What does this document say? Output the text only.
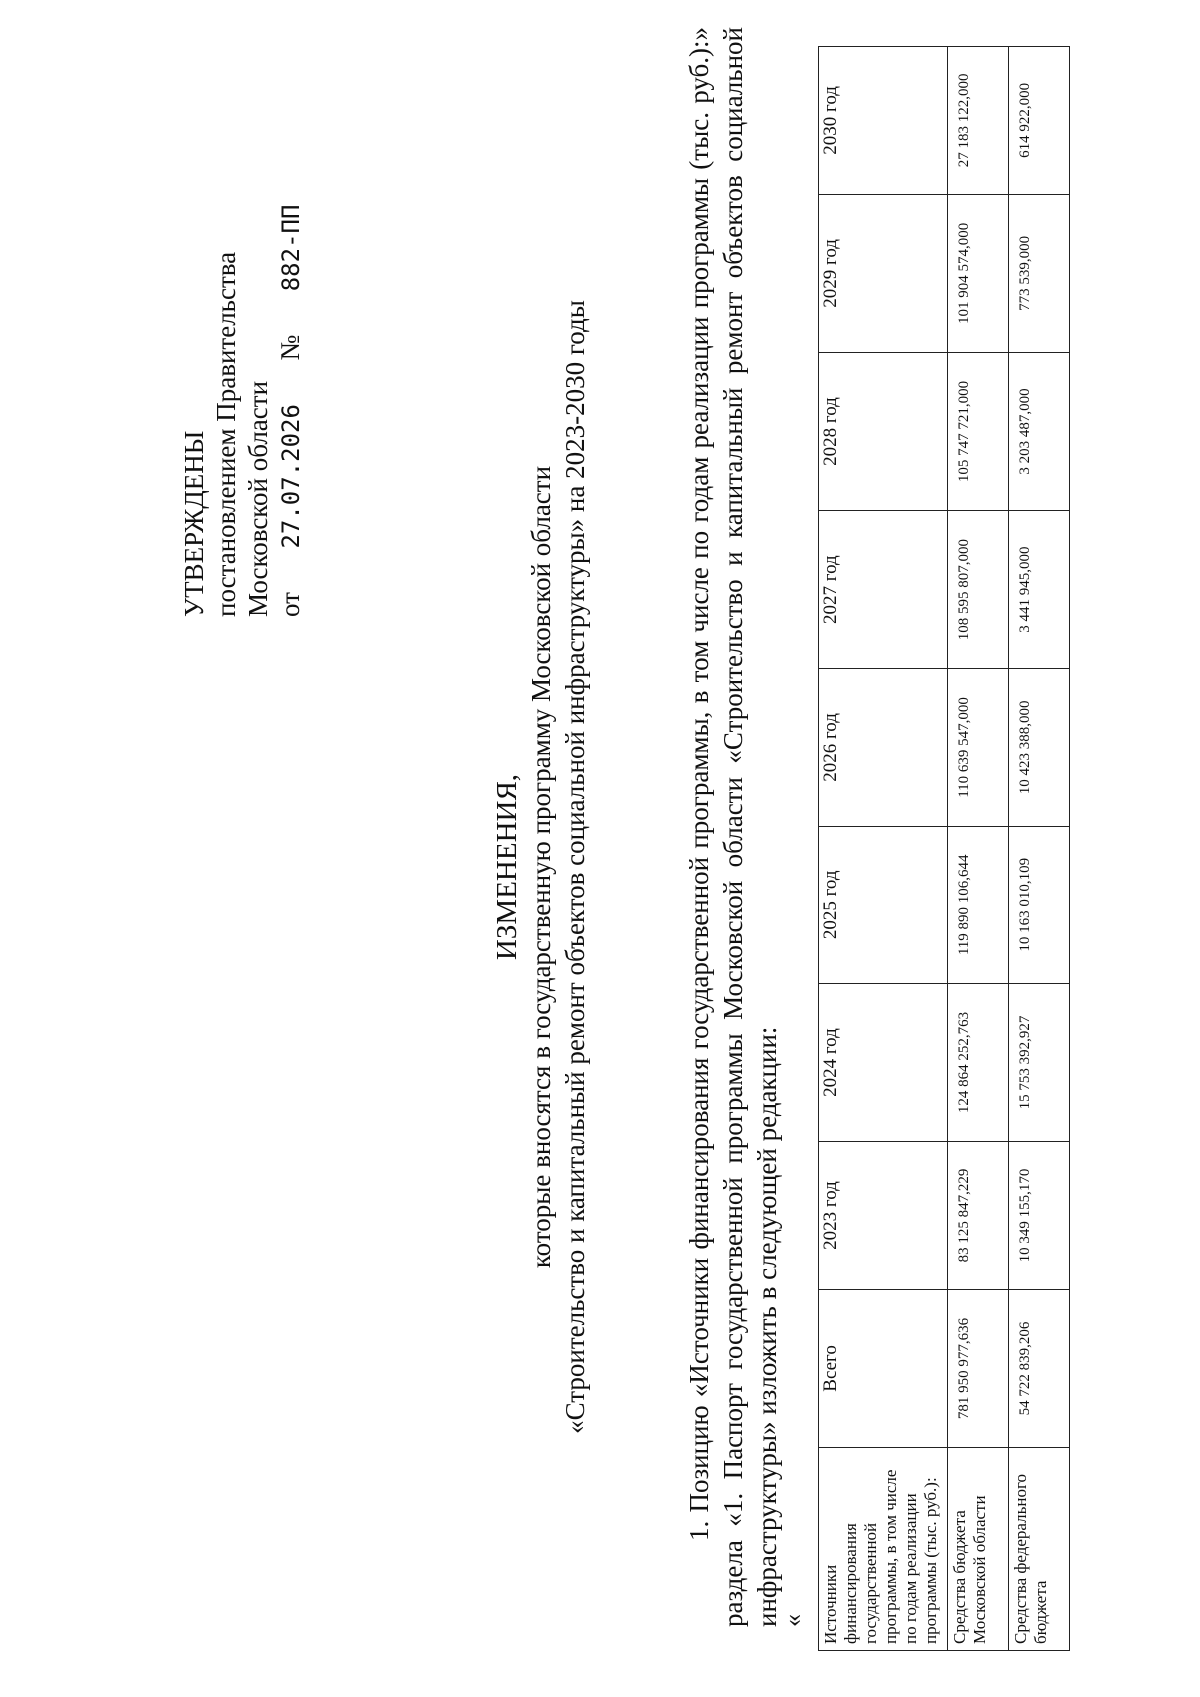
УТВЕРЖДЕНЫ постановлением Правительства Московской области от  27.07.2026  №  882-ПП
ИЗМЕНЕНИЯ, которые вносятся в государственную программу Московской области «Строительство и капитальный ремонт объектов социальной инфраструктуры» на 2023-2030 годы	1. Позицию «Источники финансирования государственной программы, в том числе по годам реализации программы (тыс. руб.):» раздела «1. Паспорт государственной программы Московской области «Строительство и капитальный ремонт объектов социальной инфраструктуры» изложить в следующей редакции:
« Источники финансирования государственной программы, в том числе по годам реализации программы (тыс. руб.):	Всего	2023 год	2024 год	2025 год	2026 год	2027 год	2028 год	2029 год	2030 год
Средства бюджета Московской области	781 950 977,636	83 125 847,229	124 864 252,763	119 890 106,644	110 639 547,000	108 595 807,000	105 747 721,000	101 904 574,000	27 183 122,000
Средства федерального бюджета	54 722 839,206	10 349 155,170	15 753 392,927	10 163 010,109	10 423 388,000	3 441 945,000	3 203 487,000	773 539,000	614 922,000
